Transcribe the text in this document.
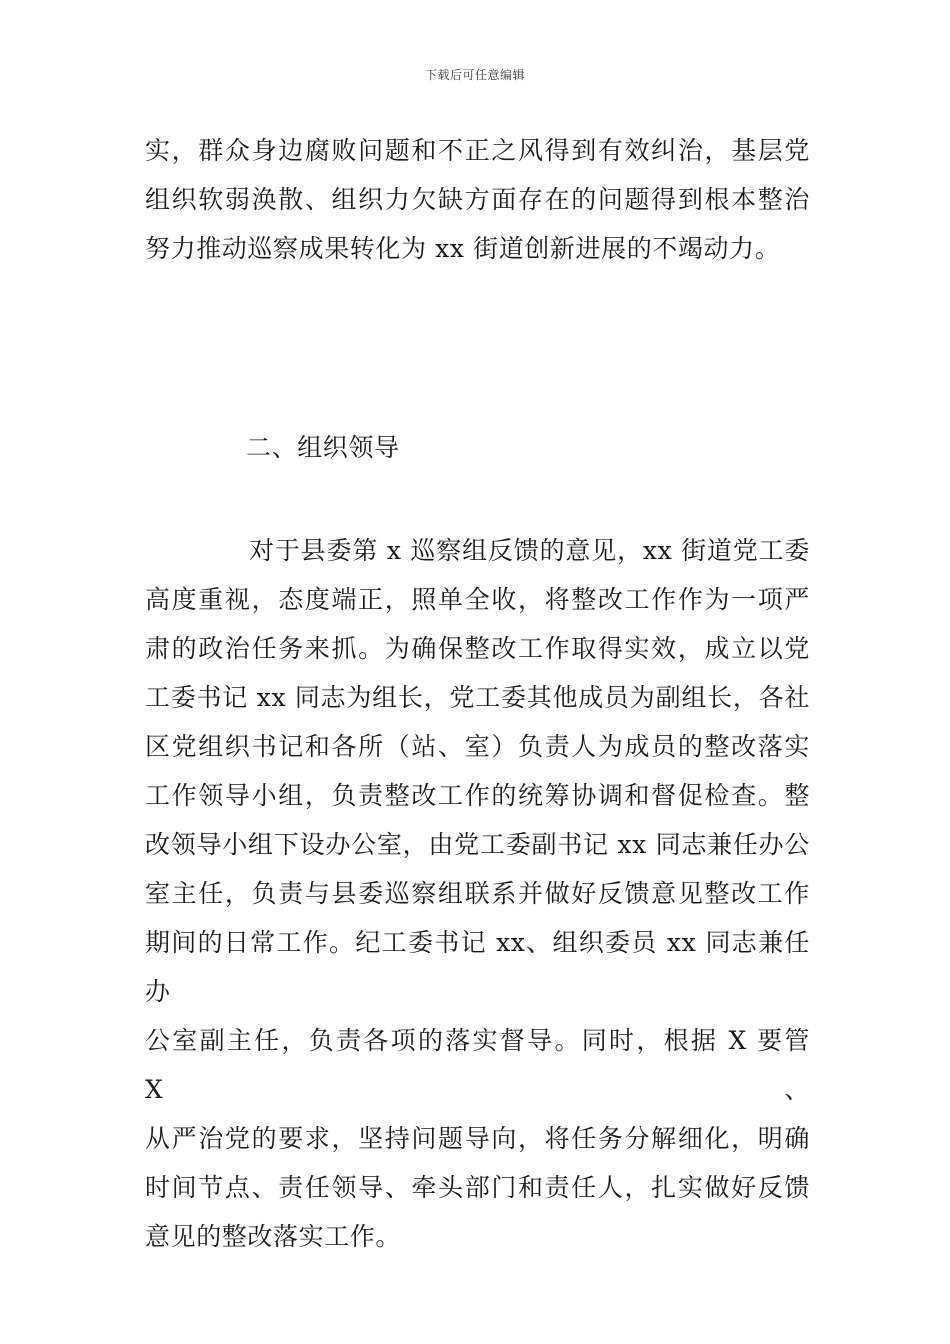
下载后可任意编辑
实，群众身边腐败问题和不正之风得到有效纠治，基层党
组织软弱涣散、组织力欠缺方面存在的问题得到根本整治
努力推动巡察成果转化为 xx 街道创新进展的不竭动力。
二、组织领导
对于县委第 x 巡察组反馈的意见，xx 街道党工委
高度重视，态度端正，照单全收，将整改工作作为一项严
肃的政治任务来抓。为确保整改工作取得实效，成立以党
工委书记 xx 同志为组长，党工委其他成员为副组长，各社
区党组织书记和各所（站、室）负责人为成员的整改落实
工作领导小组，负责整改工作的统筹协调和督促检查。整
改领导小组下设办公室，由党工委副书记 xx 同志兼任办公
室主任，负责与县委巡察组联系并做好反馈意见整改工作
期间的日常工作。纪工委书记 xx、组织委员 xx 同志兼任办
公室副主任，负责各项的落实督导。同时，根据 X 要管 X、
从严治党的要求，坚持问题导向，将任务分解细化，明确
时间节点、责任领导、牵头部门和责任人，扎实做好反馈
意见的整改落实工作。
